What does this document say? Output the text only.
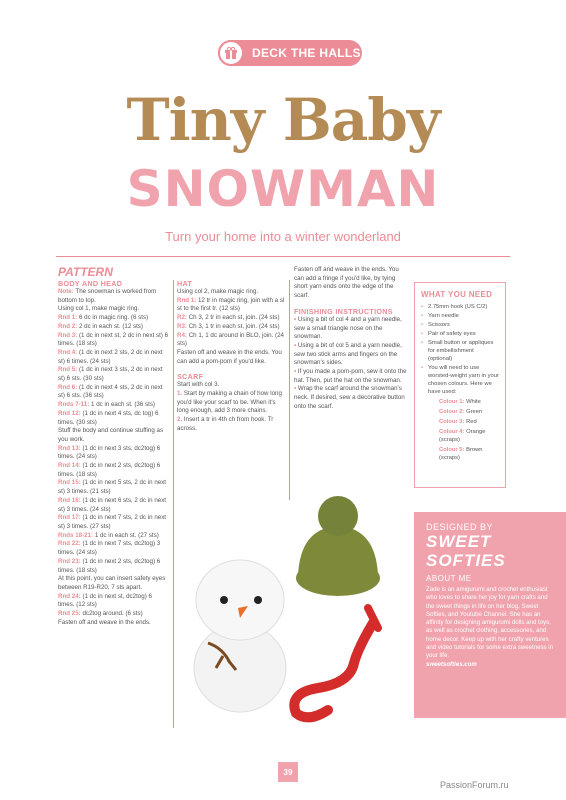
DECK THE HALLS
Tiny Baby
SNOWMAN
Turn your home into a winter wonderland
PATTERN
BODY AND HEAD
Note: The snowman is worked from bottom to top.
Using col 1, make magic ring.
Rnd 1: 6 dc in magic ring. (6 sts)
Rnd 2: 2 dc in each st. (12 sts)
Rnd 3: (1 dc in next st, 2 dc in next st) 6 times. (18 sts)
Rnd 4: (1 dc in next 2 sts, 2 dc in next st) 6 times. (24 sts)
Rnd 5: (1 dc in next 3 sts, 2 dc in next st) 6 sts. (30 sts)
Rnd 6: (1 dc in next 4 sts, 2 dc in next st) 6 sts. (36 sts)
Rnds 7-11: 1 dc in each st. (36 sts)
Rnd 12: (1 dc in next 4 sts, dc tog) 6 times. (30 sts)
Stuff the body and continue stuffing as you work.
Rnd 13: (1 dc in next 3 sts, dc2tog) 6 times. (24 sts)
Rnd 14: (1 dc in next 2 sts, dc2tog) 6 times. (18 sts)
Rnd 15: (1 dc in next 5 sts, 2 dc in next st) 3 times. (21 sts)
Rnd 16: (1 dc in next 6 sts, 2 dc in next st) 3 times. (24 sts)
Rnd 17: (1 dc in next 7 sts, 2 dc in next st) 3 times. (27 sts)
Rnds 18-21: 1 dc in each st. (27 sts)
Rnd 22: (1 dc in next 7 sts, dc2tog) 3 times. (24 sts)
Rnd 23: (1 dc in next 2 sts, dc2tog) 6 times. (18 sts)
At this point, you can insert safety eyes between R19-R20, 7 sts apart.
Rnd 24: (1 dc in next st, dc2tog) 6 times. (12 sts)
Rnd 25: dc2tog around. (6 sts)
Fasten off and weave in the ends.
HAT
Using col 2, make magic ring.
Rnd 1: 12 tr in magic ring, join with a sl st to the first tr. (12 sts)
R2: Ch 3, 2 tr in each st, join. (24 sts)
R3: Ch 3, 1 tr in each st, join. (24 sts)
R4: Ch 1, 1 dc around in BLO, join. (24 sts)
Fasten off and weave in the ends. You can add a pom-pom if you'd like.
SCARF
Start with col 3.
1. Start by making a chain of how long you'd like your scarf to be. When it's long enough, add 3 more chains.
2. Insert a tr in 4th ch from hook. Tr across.
Fasten off and weave in the ends. You can add a fringe if you'd like, by tying short yarn ends onto the edge of the scarf.
FINISHING INSTRUCTIONS
• Using a bit of col 4 and a yarn needle, sew a small triangle nose on the snowman.
• Using a bit of col 5 and a yarn needle, sew two stick arms and fingers on the snowman's sides.
• If you made a pom-pom, sew it onto the hat. Then, put the hat on the snowman.
• Wrap the scarf around the snowman's neck. If desired, sew a decorative button onto the scarf.
WHAT YOU NEED
• 2.75mm hook (US C/2)
• Yarn needle
• Scissors
• Pair of safety eyes
• Small button or appliques for embellishment (optional)
• You will need to use worsted-weight yarn in your chosen colours. Here we have used:
Colour 1: White
Colour 2: Green
Colour 3: Red
Colour 4: Orange (scraps)
Colour 5: Brown (scraps)
DESIGNED BY
SWEET
SOFTIES
ABOUT ME
Zade is an amigurumi and crochet enthusiast who loves to share her joy for yarn crafts and the sweet things in life on her blog, Sweet Softies, and Youtube Channel. She has an affinity for designing amigurumi dolls and toys, as well as crochet clothing, accessories, and home decor. Keep up with her crafty ventures and video tutorials for some extra sweetness in your life.
sweetsofties.com
39
PassionForum.ru
